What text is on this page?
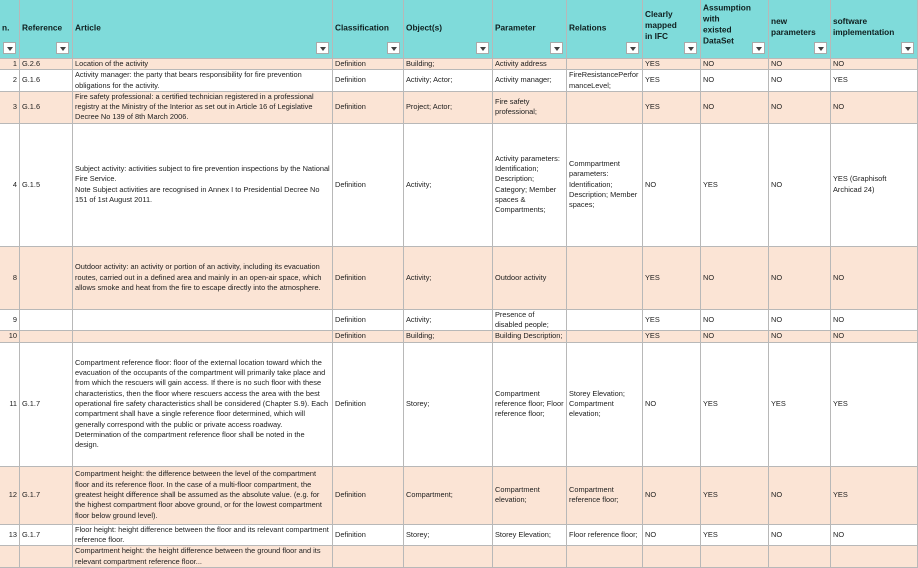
n.	Reference	Article	Classification	Object(s)	Parameter	Relations	Clearly mapped in IFC	Assumption with existed DataSet	new parameters	software implementation

1	G.2.6	Location of the activity	Definition	Building;	Activity address		YES	NO	NO	NO
2	G.1.6	Activity manager: the party that bears responsibility for fire prevention obligations for the activity.	Definition	Activity; Actor;	Activity manager;	FireResistancePerfor manceLevel;	YES	NO	NO	YES
3	G.1.6	Fire safety professional: a certified technician registered in a professional registry at the Ministry of the Interior as set out in Article 16 of Legislative Decree No 139 of 8th March 2006.	Definition	Project; Actor;	Fire safety professional;		YES	NO	NO	NO
4	G.1.5	Subject activity: activities subject to fire prevention inspections by the National Fire Service.
Note Subject activities are recognised in Annex I to Presidential Decree No 151 of 1st August 2011.	Definition	Activity;	Activity parameters: Identification; Description; Category; Member spaces & Compartments;	Commpartment parameters: Identification; Description; Member spaces;	NO	YES	NO	YES (Graphisoft Archicad 24)
8		Outdoor activity: an activity or portion of an activity, including its evacuation routes, carried out in a defined area and mainly in an open-air space, which allows smoke and heat from the fire to escape directly into the atmosphere.	Definition	Activity;	Outdoor activity		YES	NO	NO	NO
9			Definition	Activity;	Presence of disabled people;		YES	NO	NO	NO
10			Definition	Building;	Building Description;		YES	NO	NO	NO
11	G.1.7	Compartment reference floor: floor of the external location toward which the evacuation of the occupants of the compartment will primarily take place and from which the rescuers will gain access. If there is no such floor with these characteristics, then the floor where rescuers access the area with the best operational fire safety characteristics shall be considered (Chapter S.9). Each compartment shall have a single reference floor determined, which will generally correspond with the public or private access roadway. Determination of the compartment reference floor shall be noted in the design.	Definition	Storey;	Compartment reference floor; Floor reference floor;	Storey Elevation; Compartment elevation;	NO	YES	YES	YES
12	G.1.7	Compartment height: the difference between the level of the compartment floor and its reference floor. In the case of a multi-floor compartment, the greatest height difference shall be assumed as the absolute value. (e.g. for the highest compartment floor above ground, or for the lowest compartment floor below ground level).	Definition	Compartment;	Compartment elevation;	Compartment reference floor;	NO	YES	NO	YES
13	G.1.7	Floor height: height difference between the floor and its relevant compartment reference floor.	Definition	Storey;	Storey Elevation;	Floor reference floor;	NO	YES	NO	NO
		Compartment height: the height difference between the ground floor and its relevant compartment reference floor...								
